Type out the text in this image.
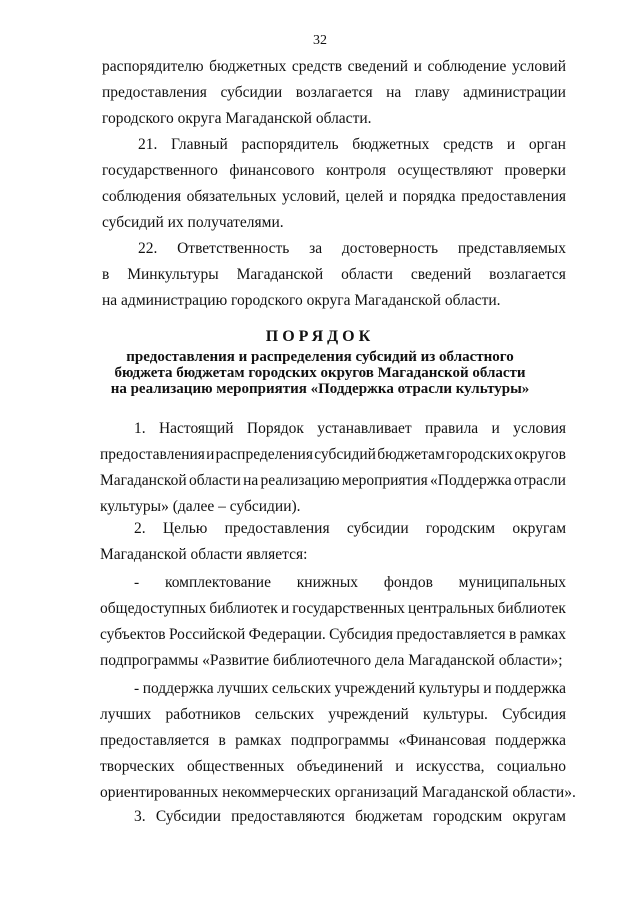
32
распорядителю бюджетных средств сведений и соблюдение условий
предоставления субсидии возлагается на главу администрации
городского округа Магаданской области.
21. Главный распорядитель бюджетных средств и орган
государственного финансового контроля осуществляют проверки
соблюдения обязательных условий, целей и порядка предоставления
субсидий их получателями.
22. Ответственность за достоверность представляемых
в Минкультуры Магаданской области сведений возлагается
на администрацию городского округа Магаданской области.
ПОРЯДОК
предоставления и распределения субсидий из областного
бюджета бюджетам городских округов Магаданской области
на реализацию мероприятия «Поддержка отрасли культуры»
1. Настоящий Порядок устанавливает правила и условия
предоставления и распределения субсидий бюджетам городских округов
Магаданской области на реализацию мероприятия «Поддержка отрасли
культуры» (далее – субсидии).
2. Целью предоставления субсидии городским округам
Магаданской области является:
- комплектование книжных фондов муниципальных
общедоступных библиотек и государственных центральных библиотек
субъектов Российской Федерации. Субсидия предоставляется в рамках
подпрограммы «Развитие библиотечного дела Магаданской области»;
- поддержка лучших сельских учреждений культуры и поддержка
лучших работников сельских учреждений культуры. Субсидия
предоставляется в рамках подпрограммы «Финансовая поддержка
творческих общественных объединений и искусства, социально
ориентированных некоммерческих организаций Магаданской области».
3. Субсидии предоставляются бюджетам городским округам
